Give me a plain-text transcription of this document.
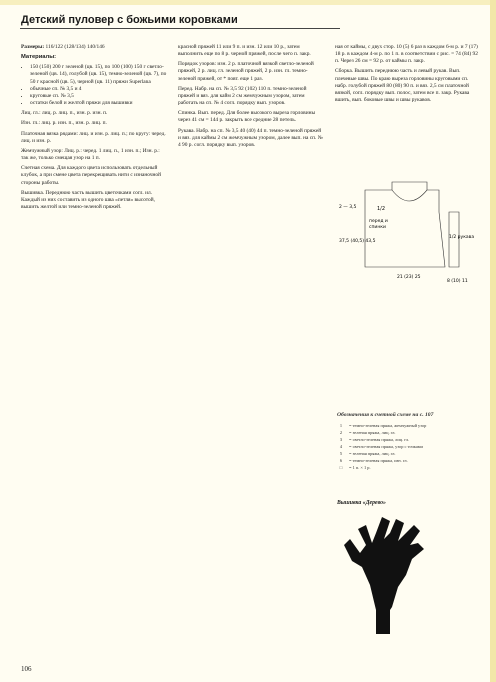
Детский пуловер с божьими коровками

Размеры: 116/122 (128/134) 140/146

Материалы:

• 150 (150) 200 г зеленой (цв. 15), по 100 (100) 150 г светло-зеленой (цв. 14), голубой (цв. 15), темно-зеленой (цв. 7), по 50 г красной (цв. 5), черной (цв. 11) пряжи Superlana
• обычные сп. № 3,5 и 4
• круговые сп. № 3,5
• остатки белой и желтой пряжи для вышивки

Лиц. гл.: лиц. р. лиц. п., изн. р. изн. п.

Изн. гл.: лиц. р. изн. п., изн. р. лиц. п.

Платочная вязка рядами: лиц. и изн. р. лиц. п.; по кругу: черед. лиц. и изн. р.

Жемчужный узор: Лиц. р.: черед. 1 лиц. п., 1 изн. п.; Изн. р.: так же, только смещая узор на 1 п.

Счетная схема. Для каждого цвета использовать отдельный клубок, а при смене цвета перекрещивать нити с изнаночной стороны работы.

Вышивка. Переднюю часть вышить цветочками согл. ил. Каждый из них составить из одного шва «петля» высотой, вышить желтой или темно-зеленой пряжей.

красной пряжей 11 или 9 п. и изн. 12 или 10 р., затем выполнить еще по 8 р. черной пряжей, после чего п. закр.

Порядок узоров: изн. 2 р. платочной вязкой светло-зеленой пряжей, 2 р. лиц. гл. зеленой пряжей, 2 р. изн. гл. темно-зеленой пряжей, от * повт. еще 1 раз.

Перед. Набр. на сп. № 3,5 92 (102) 110 п. темно-зеленой пряжей и вяз. для кайм 2 см жемчужным узором, затем работать на сп. № 4 согл. порядку вып. узоров.

Спинка. Вып. перед. Для более высокого выреза горловины через 41 см = 144 р. закрыть все средние 28 петель.

Рукава. Набр. на сп. № 3,5 40 (40) 44 п. темно-зеленой пряжей и вяз. для каймы 2 см жемчужным узором, далее вып. на сп. № 4 90 р. согл. порядку вып. узоров.

ная от каймы, с двух стор. 10 (5) 6 раз в каждом 6-м р. и 7 (17) 18 р. в каждом 4-м р. по 1 п. в соответствии с рис. = 74 (84) 92 п. Через 26 см = 92 р. от каймы п. закр.

Сборка. Вышить переднюю часть и левый рукав. Вып. плечевые швы. По краю выреза горловины круговыми сп. набр. голубой пряжей 80 (80) 90 п. и вяз. 2,5 см платочной вязкой, согл. порядку вып. полос, затем все п. закр. Рукава вшить, вып. боковые швы и швы рукавов.

1/2
перед и
спинки
2 — 3,5
37,5 (40,5) 43,5
21 (23) 25
1/2 рукава
8 (10) 11
Обозначения к счетной схеме на с. 107
1	= темно-зеленая пряжа, жемчужный узор
2	= зеленая пряжа, лиц. гл.
3	= светло-зеленая пряжа, лиц. гл.
4	= светло-зеленая пряжа, узор с точками
5	= зеленая пряжа, лиц. гл.
6	= темно-зеленая пряжа, изн. гл.
□	= 1 п. × 1 р.
Вышивка «Дерево»
106
